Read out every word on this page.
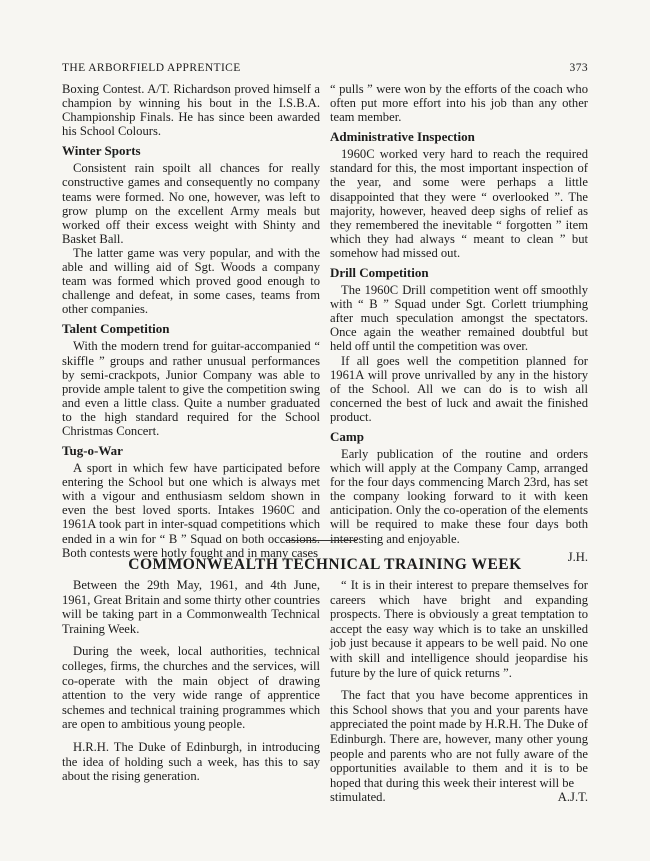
THE ARBORFIELD APPRENTICE	373

Boxing Contest. A/T. Richardson proved himself a champion by winning his bout in the I.S.B.A. Championship Finals. He has since been awarded his School Colours.

Winter Sports

Consistent rain spoilt all chances for really constructive games and consequently no company teams were formed. No one, however, was left to grow plump on the excellent Army meals but worked off their excess weight with Shinty and Basket Ball.

The latter game was very popular, and with the able and willing aid of Sgt. Woods a company team was formed which proved good enough to challenge and defeat, in some cases, teams from other companies.

Talent Competition

With the modern trend for guitar-accompanied “ skiffle ” groups and rather unusual performances by semi-crackpots, Junior Company was able to provide ample talent to give the competition swing and even a little class. Quite a number graduated to the high standard required for the School Christmas Concert.

Tug-o-War

A sport in which few have participated before entering the School but one which is always met with a vigour and enthusiasm seldom shown in even the best loved sports. Intakes 1960C and 1961A took part in inter-squad competitions which ended in a win for “ B ” Squad on both occasions. Both contests were hotly fought and in many cases

“ pulls ” were won by the efforts of the coach who often put more effort into his job than any other team member.

Administrative Inspection

1960C worked very hard to reach the required standard for this, the most important inspection of the year, and some were perhaps a little disappointed that they were “ overlooked ”. The majority, however, heaved deep sighs of relief as they remembered the inevitable “ forgotten ” item which they had always “ meant to clean ” but somehow had missed out.

Drill Competition

The 1960C Drill competition went off smoothly with “ B ” Squad under Sgt. Corlett triumphing after much speculation amongst the spectators. Once again the weather remained doubtful but held off until the competition was over.

If all goes well the competition planned for 1961A will prove unrivalled by any in the history of the School. All we can do is to wish all concerned the best of luck and await the finished product.

Camp

Early publication of the routine and orders which will apply at the Company Camp, arranged for the four days commencing March 23rd, has set the company looking forward to it with keen anticipation. Only the co-operation of the elements will be required to make these four days both interesting and enjoyable.

J.H.
COMMONWEALTH TECHNICAL TRAINING WEEK

Between the 29th May, 1961, and 4th June, 1961, Great Britain and some thirty other countries will be taking part in a Commonwealth Technical Training Week.

During the week, local authorities, technical colleges, firms, the churches and the services, will co-operate with the main object of drawing attention to the very wide range of apprentice schemes and technical training programmes which are open to ambitious young people.

H.R.H. The Duke of Edinburgh, in introducing the idea of holding such a week, has this to say about the rising generation.

“ It is in their interest to prepare themselves for careers which have bright and expanding prospects. There is obviously a great temptation to accept the easy way which is to take an unskilled job just because it appears to be well paid. No one with skill and intelligence should jeopardise his future by the lure of quick returns ”.

The fact that you have become apprentices in this School shows that you and your parents have appreciated the point made by H.R.H. The Duke of Edinburgh. There are, however, many other young people and parents who are not fully aware of the opportunities available to them and it is to be hoped that during this week their interest will be

stimulated.	A.J.T.
